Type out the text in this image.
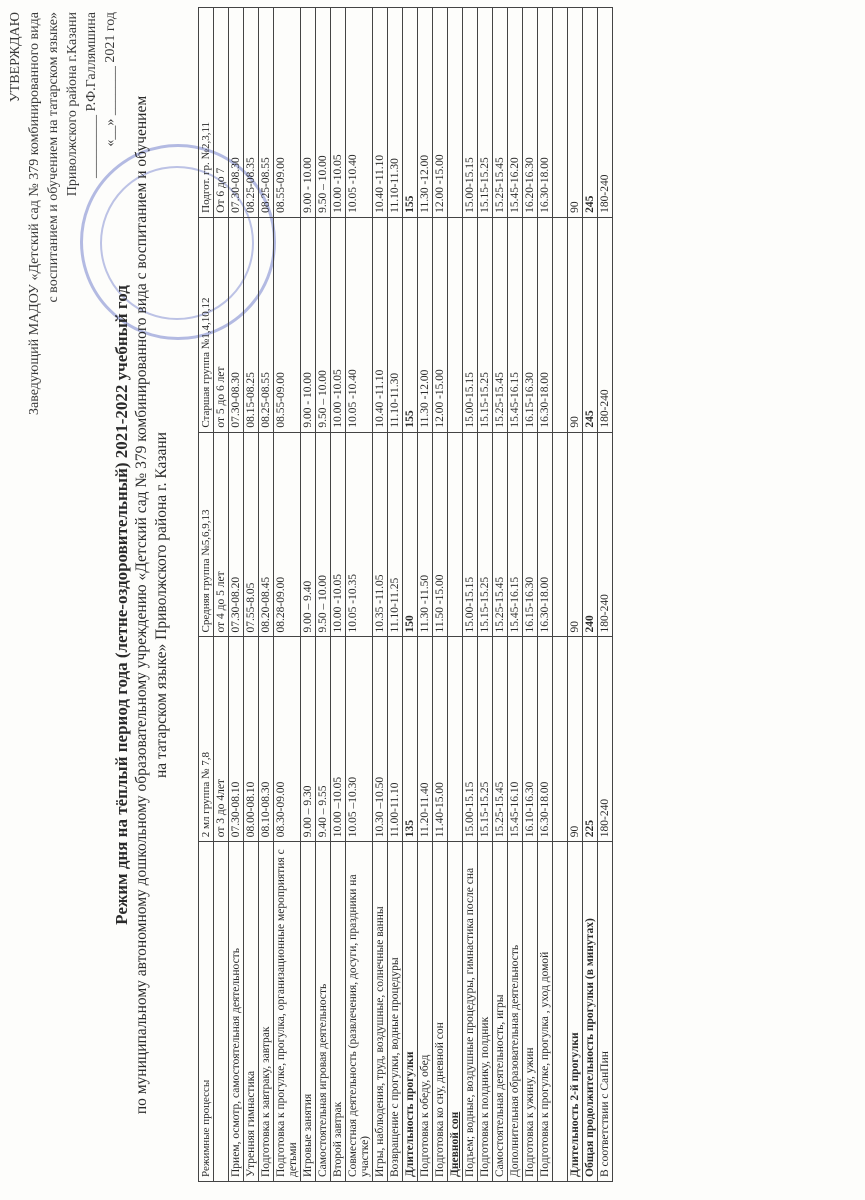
УТВЕРЖДАЮ Заведующий МАДОУ «Детский сад № 379 комбинированного вида с воспитанием и обучением на татарском языке» Приволжского района г.Казани _________ Р.Ф.Галлямшина «__» _______ 2021 год
Режим дня на тёплый период года (летне-оздоровительный) 2021-2022 учебный год по муниципальному автономному дошкольному образовательному учреждению «Детский сад № 379 комбинированного вида с воспитанием и обучением на татарском языке» Приволжского района г. Казани
Режимные процессы	2 мл группа № 7,8	Средняя группа №5,6,9,13	Старшая группа №1,4,10,12	Подгот. гр. №2,3,11
	от 3 до 4лет	от 4 до 5 лет	от 5 до 6 лет	От 6 до 7
Прием, осмотр, самостоятельная деятельность	07.30-08.10	07.30-08.20	07.30-08.30	07.30-08.30
Утренняя гимнастика	08.00-08.10	07.55-8.05	08.15-08.25	08.25-08.35
Подготовка к завтраку, завтрак	08.10-08.30	08.20-08.45	08.25-08.55	08.25-08.55
Подготовка к прогулке, прогулка, организационные мероприятия с детьми	08.30-09.00	08.28-09.00	08.55-09.00	08.55-09.00
Игровые занятия	9.00 – 9.30	9.00 – 9.40	9.00 - 10.00	9.00 - 10.00
Самостоятельная игровая деятельность	9.40 – 9.55	9.50 – 10.00	9.50 – 10.00	9.50 – 10.00
Второй завтрак	10.00 –10.05	10.00 -10.05	10.00 -10.05	10.00 -10.05
Совместная деятельность (развлечения, досуги, праздники на участке)	10.05 –10.30	10.05 -10.35	10.05 -10.40	10.05 -10.40
Игры, наблюдения, труд, воздушные, солнечные ванны	10.30 –10.50	10.35 -11.05	10.40 -11.10	10.40 -11.10
Возвращение с прогулки, водные процедуры	11.00-11.10	11.10-11.25	11.10-11.30	11.10-11.30
Длительность прогулки	135	150	155	155
Подготовка к обеду, обед	11.20-11.40	11.30 -11.50	11.30 -12.00	11.30 -12.00
Подготовка ко сну, дневной сон	11.40-15.00	11.50 -15.00	12.00 -15.00	12.00 -15.00
Дневной сон				
Подъем; водные, воздушные процедуры, гимнастика после сна	15.00-15.15	15.00-15.15	15.00-15.15	15.00-15.15
Подготовка к полднику, полдник	15.15-15.25	15.15-15.25	15.15-15.25	15.15-15.25
Самостоятельная деятельность, игры	15.25-15.45	15.25-15.45	15.25-15.45	15.25-15.45
Дополнительная образовательная деятельность	15.45-16.10	15.45-16.15	15.45-16.15	15.45-16.20
Подготовка к ужину, ужин	16.10-16.30	16.15-16.30	16.15-16.30	16.20-16.30
Подготовка к прогулке, прогулка , уход домой	16.30-18.00	16.30-18.00	16.30-18.00	16.30-18.00

Длительность 2-й прогулки	90	90	90	90
Общая продолжительность прогулки (в минутах)	225	240	245	245
В соответствии с СанПин	180-240	180-240	180-240	180-240
